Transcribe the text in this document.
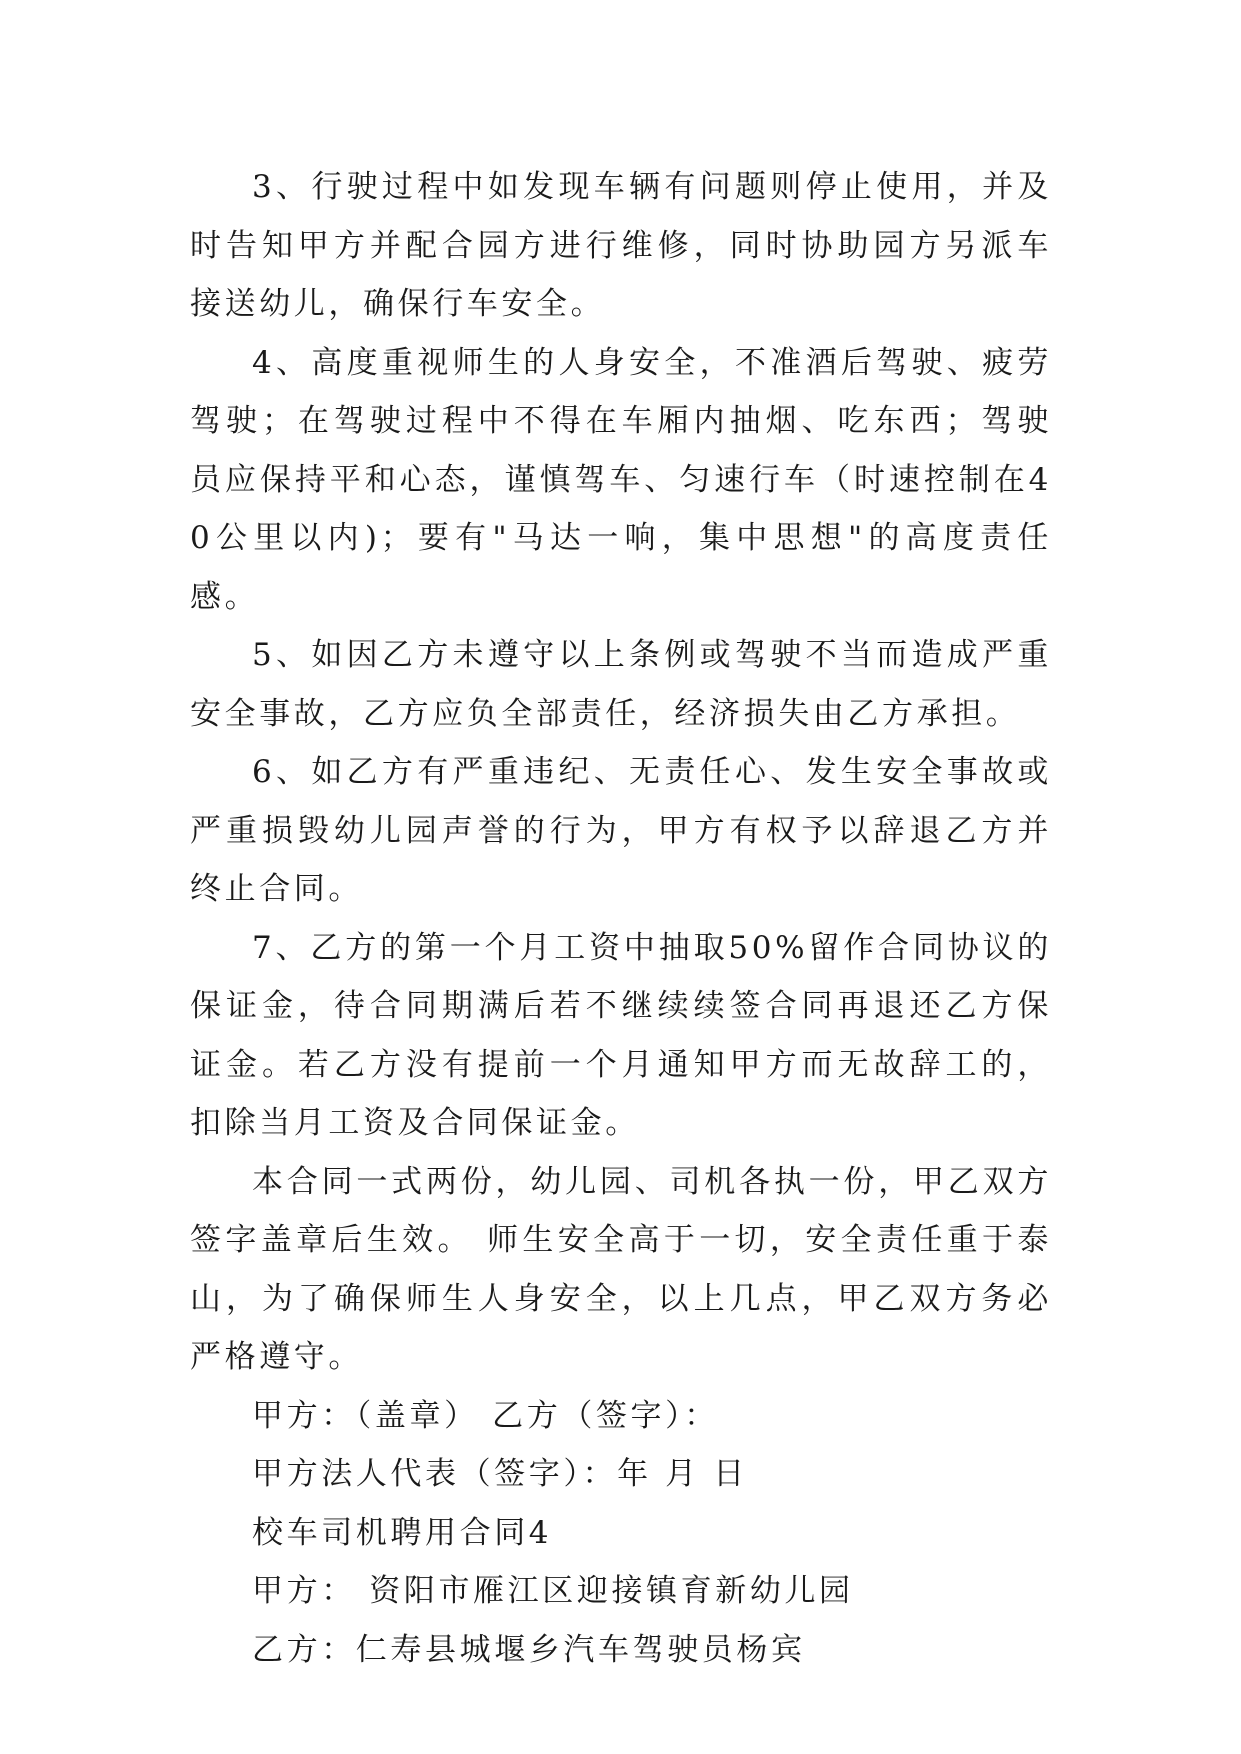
3、行驶过程中如发现车辆有问题则停止使用，并及时告知甲方并配合园方进行维修，同时协助园方另派车接送幼儿，确保行车安全。

4、高度重视师生的人身安全，不准酒后驾驶、疲劳驾驶；在驾驶过程中不得在车厢内抽烟、吃东西；驾驶员应保持平和心态，谨慎驾车、匀速行车（时速控制在40公里以内)；要有"马达一响，集中思想"的高度责任感。

5、如因乙方未遵守以上条例或驾驶不当而造成严重安全事故，乙方应负全部责任，经济损失由乙方承担。

6、如乙方有严重违纪、无责任心、发生安全事故或严重损毁幼儿园声誉的行为，甲方有权予以辞退乙方并终止合同。

7、乙方的第一个月工资中抽取50%留作合同协议的保证金，待合同期满后若不继续续签合同再退还乙方保证金。若乙方没有提前一个月通知甲方而无故辞工的，扣除当月工资及合同保证金。

本合同一式两份，幼儿园、司机各执一份，甲乙双方签字盖章后生效。 师生安全高于一切，安全责任重于泰山，为了确保师生人身安全，以上几点，甲乙双方务必严格遵守。

甲方：（盖章） 乙方（签字）：

甲方法人代表（签字）：年 月 日

校车司机聘用合同4

甲方： 资阳市雁江区迎接镇育新幼儿园

乙方：仁寿县城堰乡汽车驾驶员杨宾
